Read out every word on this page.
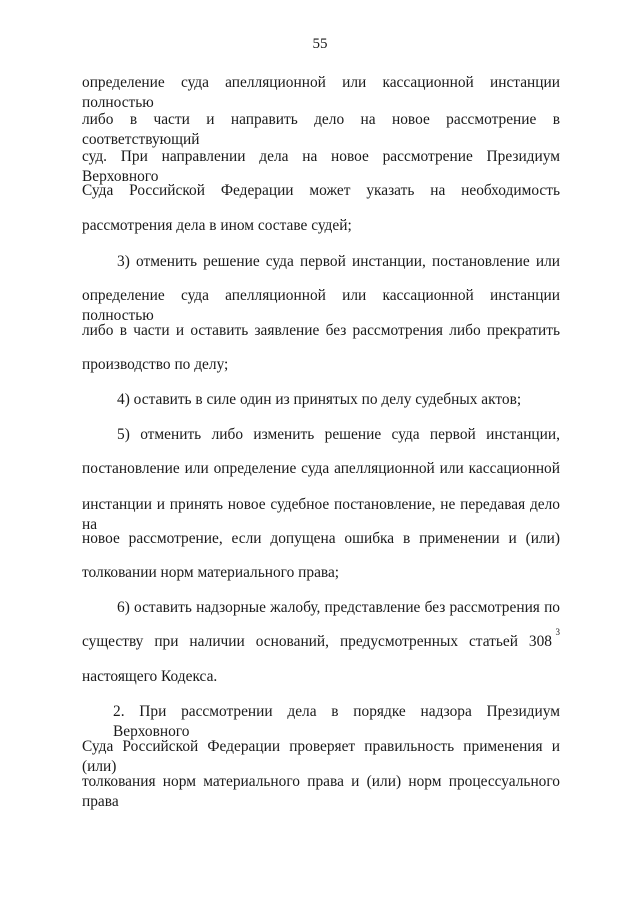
55
определение суда апелляционной или кассационной инстанции полностью
либо в части и направить дело на новое рассмотрение в соответствующий
суд. При направлении дела на новое рассмотрение Президиум Верховного
Суда Российской Федерации может указать на необходимость
рассмотрения дела в ином составе судей;
3) отменить решение суда первой инстанции, постановление или
определение суда апелляционной или кассационной инстанции полностью
либо в части и оставить заявление без рассмотрения либо прекратить
производство по делу;
4) оставить в силе один из принятых по делу судебных актов;
5) отменить либо изменить решение суда первой инстанции,
постановление или определение суда апелляционной или кассационной
инстанции и принять новое судебное постановление, не передавая дело на
новое рассмотрение, если допущена ошибка в применении и (или)
толковании норм материального права;
6) оставить надзорные жалобу, представление без рассмотрения по
существу при наличии оснований, предусмотренных статьей 308
3
настоящего Кодекса.
2. При рассмотрении дела в порядке надзора Президиум Верховного
Суда Российской Федерации проверяет правильность применения и (или)
толкования норм материального права и (или) норм процессуального права
